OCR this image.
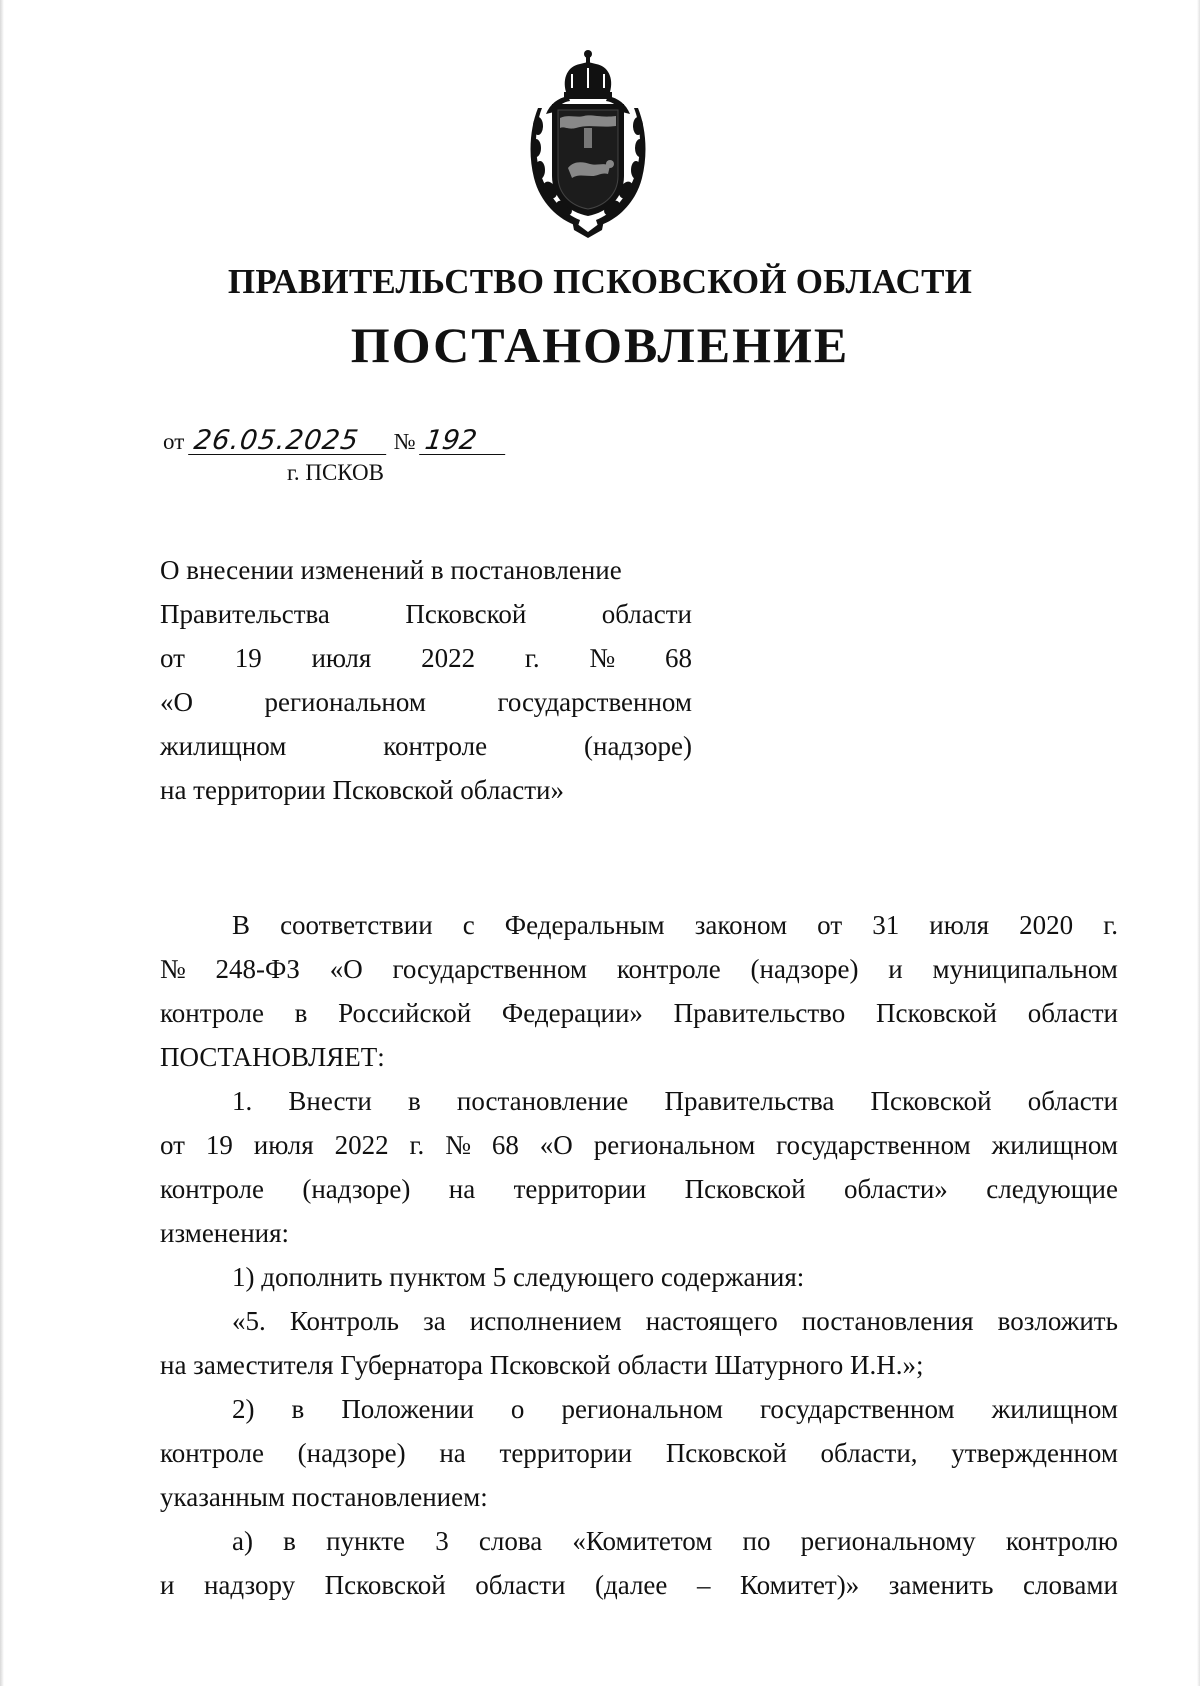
ПРАВИТЕЛЬСТВО ПСКОВСКОЙ ОБЛАСТИ
ПОСТАНОВЛЕНИЕ
от 26.05.2025 № 192
г. ПСКОВ
О внесении изменений в постановление
Правительства	Псковской	области
от 19 июля 2022 г. № 68
«О	региональном	государственном
жилищном	контроле	(надзоре)
на территории Псковской области»
В соответствии с Федеральным законом от 31 июля 2020 г.
№ 248-ФЗ «О государственном контроле (надзоре) и муниципальном
контроле в Российской Федерации» Правительство Псковской области
ПОСТАНОВЛЯЕТ:
1. Внести в постановление Правительства Псковской области
от 19 июля 2022 г. № 68 «О региональном государственном жилищном
контроле (надзоре) на территории Псковской области» следующие
изменения:
1) дополнить пунктом 5 следующего содержания:
«5. Контроль за исполнением настоящего постановления возложить
на заместителя Губернатора Псковской области Шатурного И.Н.»;
2) в Положении о региональном государственном жилищном
контроле (надзоре) на территории Псковской области, утвержденном
указанным постановлением:
а) в пункте 3 слова «Комитетом по региональному контролю
и надзору Псковской области (далее – Комитет)» заменить словами
